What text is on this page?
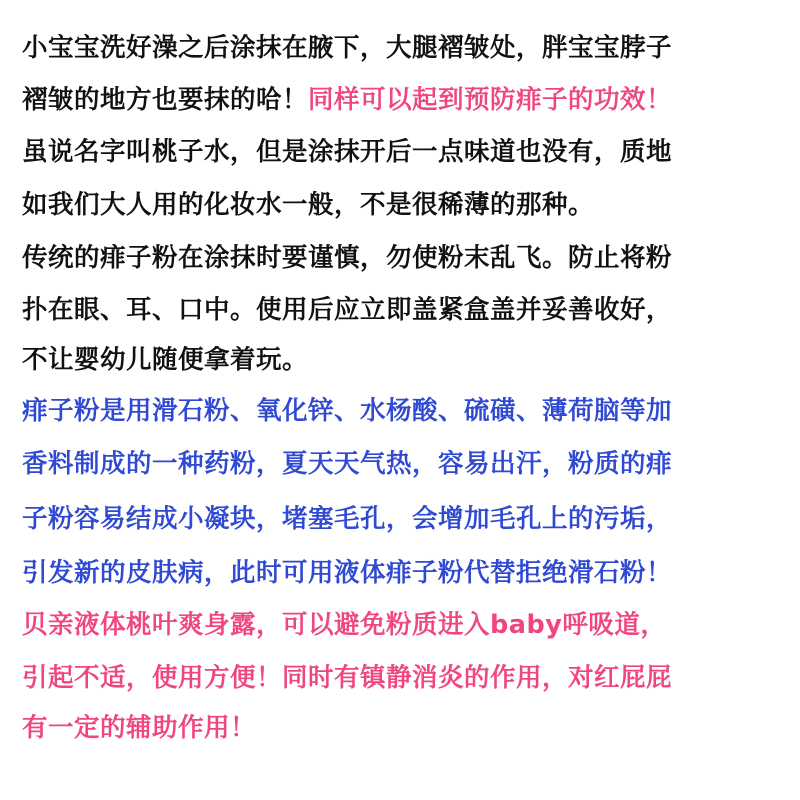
小宝宝洗好澡之后涂抹在腋下，大腿褶皱处，胖宝宝脖子
褶皱的地方也要抹的哈！同样可以起到预防痱子的功效！
虽说名字叫桃子水，但是涂抹开后一点味道也没有，质地
如我们大人用的化妆水一般，不是很稀薄的那种。
传统的痱子粉在涂抹时要谨慎，勿使粉末乱飞。防止将粉
扑在眼、耳、口中。使用后应立即盖紧盒盖并妥善收好，
不让婴幼儿随便拿着玩。
痱子粉是用滑石粉、氧化锌、水杨酸、硫磺、薄荷脑等加
香料制成的一种药粉，夏天天气热，容易出汗，粉质的痱
子粉容易结成小凝块，堵塞毛孔，会增加毛孔上的污垢，
引发新的皮肤病，此时可用液体痱子粉代替拒绝滑石粉！
贝亲液体桃叶爽身露，可以避免粉质进入baby呼吸道，
引起不适，使用方便！同时有镇静消炎的作用，对红屁屁
有一定的辅助作用！
